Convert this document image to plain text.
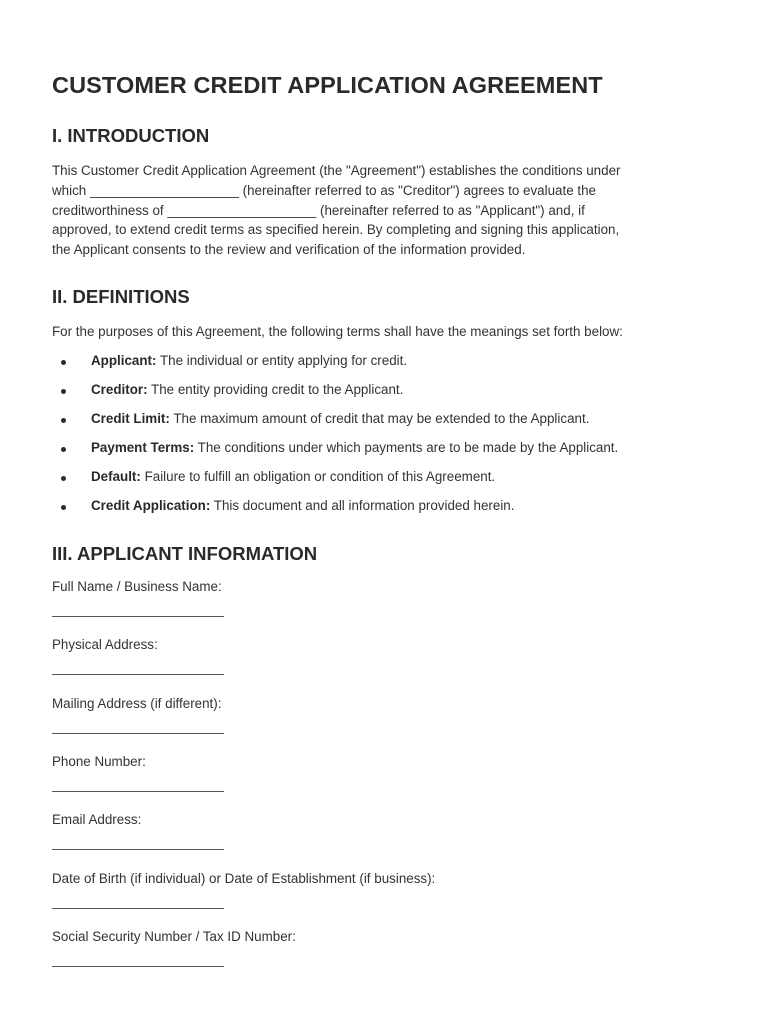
CUSTOMER CREDIT APPLICATION AGREEMENT
I. INTRODUCTION
This Customer Credit Application Agreement (the "Agreement") establishes the conditions under
which ____________________ (hereinafter referred to as "Creditor") agrees to evaluate the
creditworthiness of ____________________ (hereinafter referred to as "Applicant") and, if
approved, to extend credit terms as specified herein. By completing and signing this application,
the Applicant consents to the review and verification of the information provided.
II. DEFINITIONS

For the purposes of this Agreement, the following terms shall have the meanings set forth below:

Applicant: The individual or entity applying for credit.
Creditor: The entity providing credit to the Applicant.
Credit Limit: The maximum amount of credit that may be extended to the Applicant.
Payment Terms: The conditions under which payments are to be made by the Applicant.
Default: Failure to fulfill an obligation or condition of this Agreement.
Credit Application: This document and all information provided herein.
III. APPLICANT INFORMATION
Full Name / Business Name:
Physical Address:
Mailing Address (if different):
Phone Number:
Email Address:
Date of Birth (if individual) or Date of Establishment (if business):
Social Security Number / Tax ID Number:
